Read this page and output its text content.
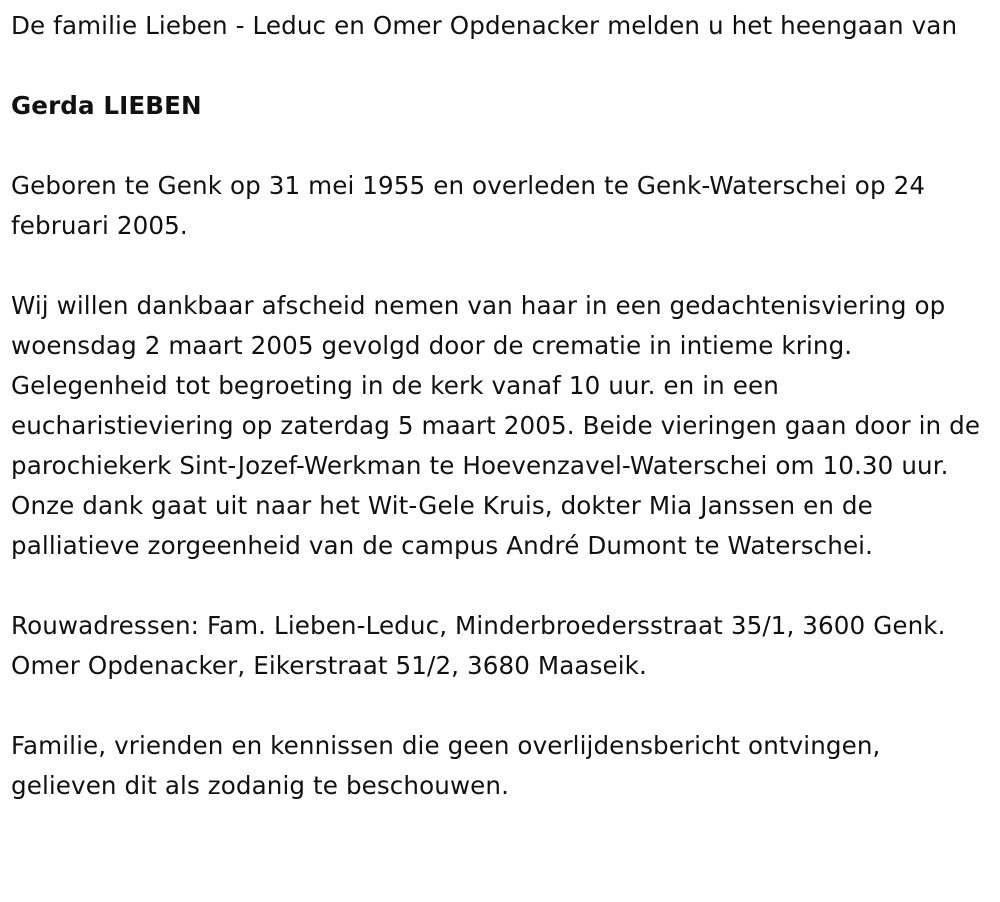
De familie Lieben - Leduc en Omer Opdenacker melden u het heengaan van

Gerda LIEBEN

Geboren te Genk op 31 mei 1955 en overleden te Genk-Waterschei op 24 februari 2005.

Wij willen dankbaar afscheid nemen van haar in een gedachtenisviering op woensdag 2 maart 2005 gevolgd door de crematie in intieme kring. Gelegenheid tot begroeting in de kerk vanaf 10 uur. en in een eucharistieviering op zaterdag 5 maart 2005. Beide vieringen gaan door in de parochiekerk Sint-Jozef-Werkman te Hoevenzavel-Waterschei om 10.30 uur. Onze dank gaat uit naar het Wit-Gele Kruis, dokter Mia Janssen en de palliatieve zorgeenheid van de campus André Dumont te Waterschei.

Rouwadressen: Fam. Lieben-Leduc, Minderbroedersstraat 35/1, 3600 Genk. Omer Opdenacker, Eikerstraat 51/2, 3680 Maaseik.

Familie, vrienden en kennissen die geen overlijdensbericht ontvingen, gelieven dit als zodanig te beschouwen.
